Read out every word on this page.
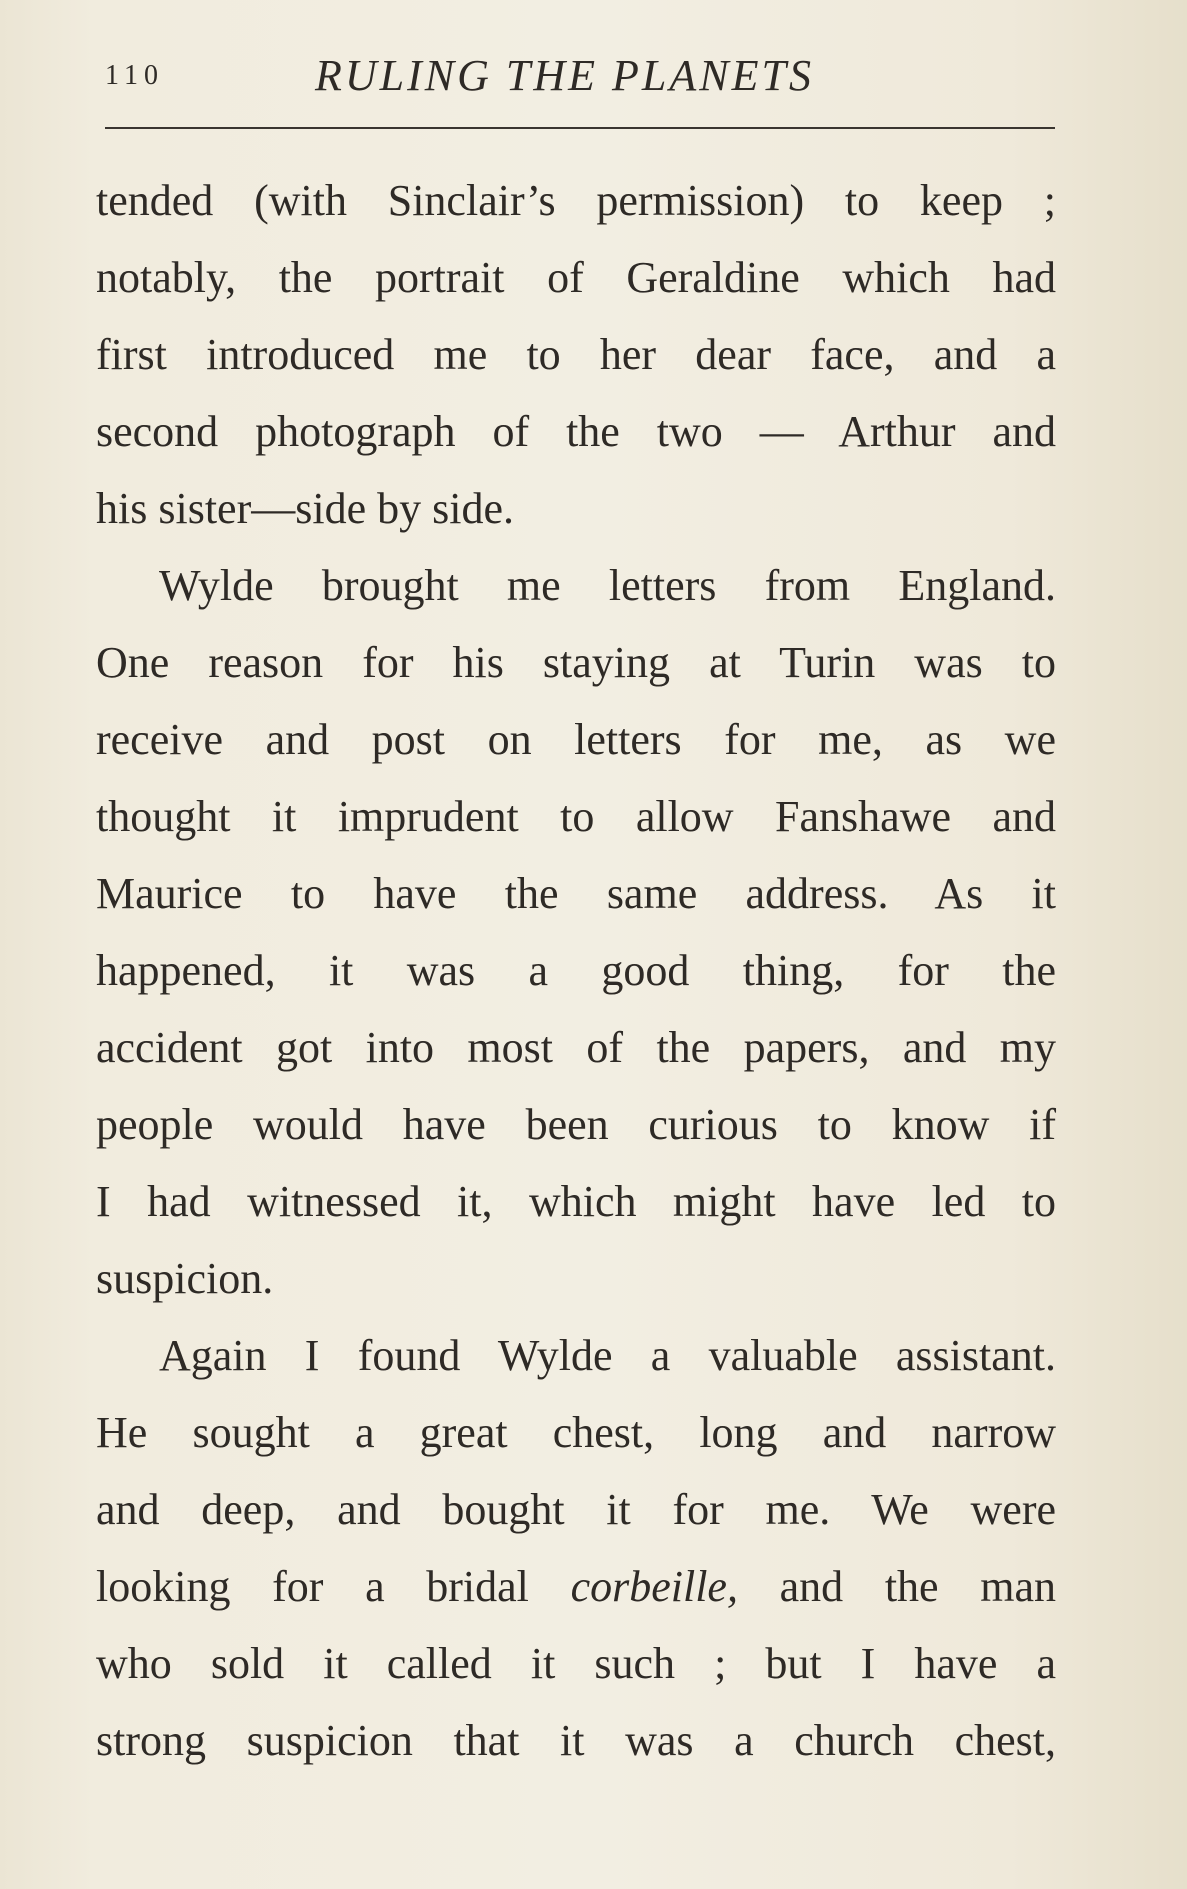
110	RULING THE PLANETS
tended (with Sinclair’s permission) to keep ;
notably, the portrait of Geraldine which had
first introduced me to her dear face, and a
second photograph of the two — Arthur and
his sister—side by side.
Wylde brought me letters from England.
One reason for his staying at Turin was to
receive and post on letters for me, as we
thought it imprudent to allow Fanshawe and
Maurice to have the same address. As it
happened, it was a good thing, for the
accident got into most of the papers, and my
people would have been curious to know if
I had witnessed it, which might have led to
suspicion.
Again I found Wylde a valuable assistant.
He sought a great chest, long and narrow
and deep, and bought it for me. We were
looking for a bridal corbeille, and the man
who sold it called it such ; but I have a
strong suspicion that it was a church chest,
